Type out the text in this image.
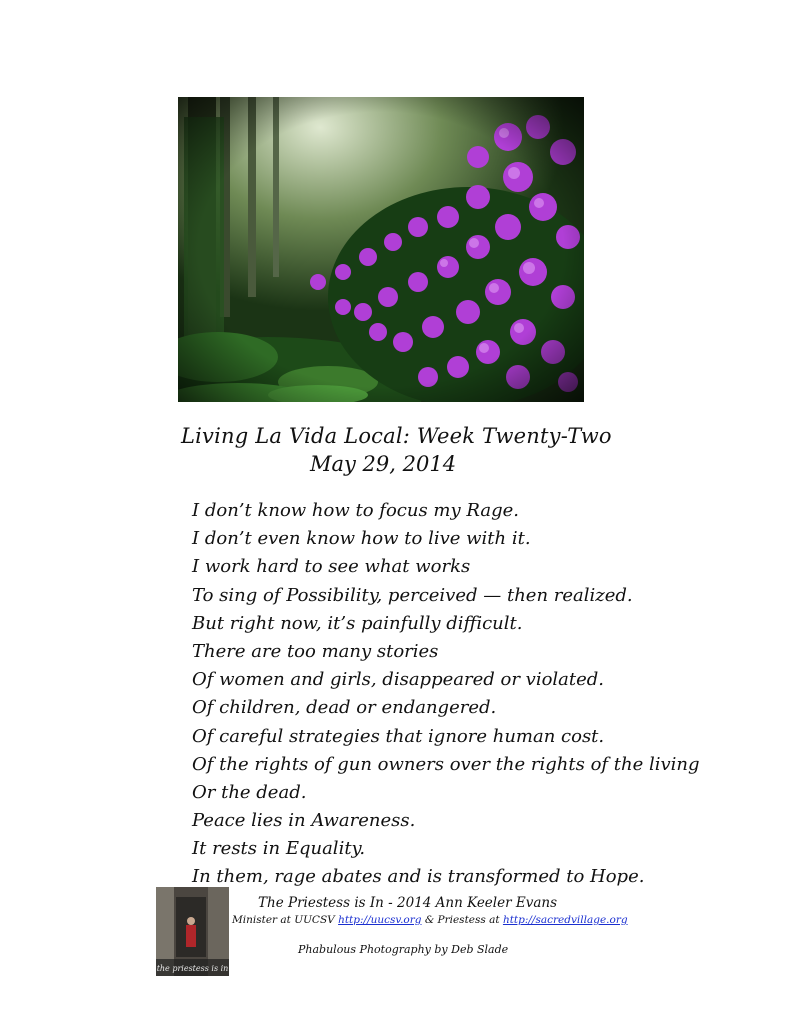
Living La Vida Local: Week Twenty-Two
May 29, 2014
I don’t know how to focus my Rage.
I don’t even know how to live with it.
I work hard to see what works
To sing of Possibility, perceived — then realized.
But right now, it’s painfully difficult.
There are too many stories
Of women and girls, disappeared or violated.
Of children, dead or endangered.
Of careful strategies that ignore human cost.
Of the rights of gun owners over the rights of the living
Or the dead.
Peace lies in Awareness.
It rests in Equality.
In them, rage abates and is transformed to Hope.
the priestess is in
The Priestess is In - 2014 Ann Keeler Evans
Minister at UUCSV http://uucsv.org & Priestess at http://sacredvillage.org
Phabulous Photography by Deb Slade
